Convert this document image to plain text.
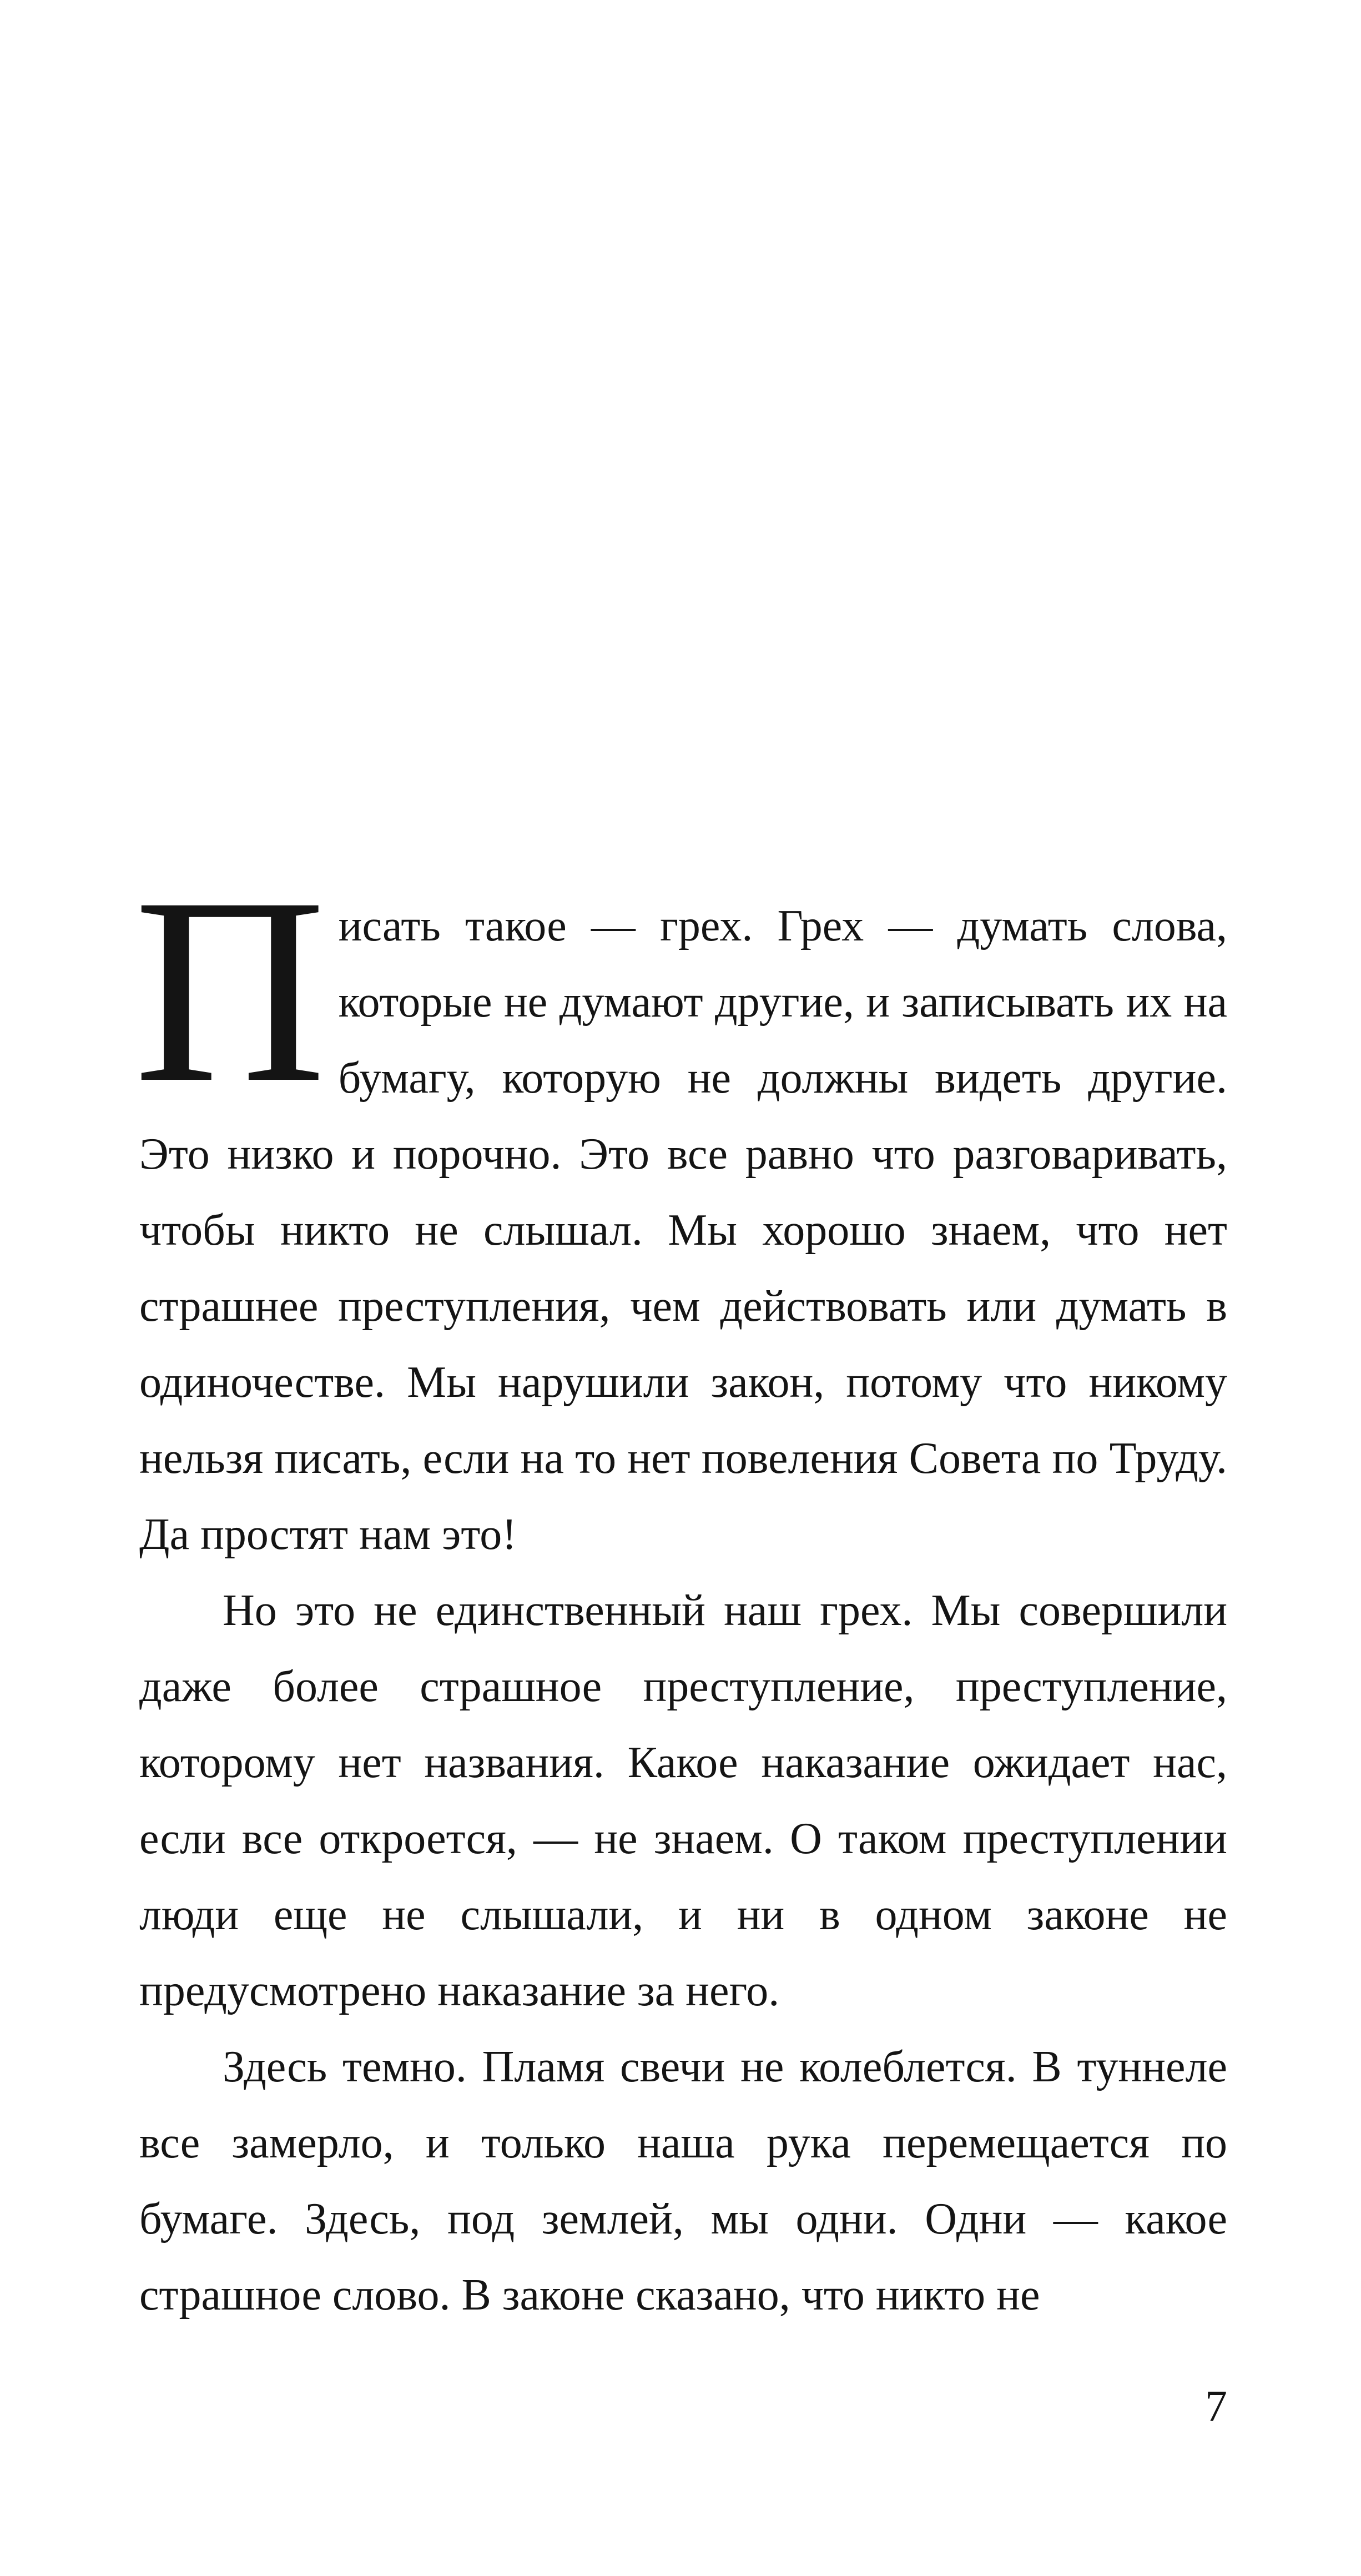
Писать такое — грех. Грех — думать слова, которые не думают другие, и записывать их на бумагу, которую не должны видеть другие. Это низко и порочно. Это все равно что разговаривать, чтобы никто не слышал. Мы хорошо знаем, что нет страшнее преступления, чем действовать или думать в одиночестве. Мы нарушили закон, потому что никому нельзя писать, если на то нет повеления Совета по Труду. Да простят нам это!

Но это не единственный наш грех. Мы совершили даже более страшное преступление, преступление, которому нет названия. Какое наказание ожидает нас, если все откроется, — не знаем. О таком преступлении люди еще не слышали, и ни в одном законе не предусмотрено наказание за него.

Здесь темно. Пламя свечи не колеблется. В туннеле все замерло, и только наша рука перемещается по бумаге. Здесь, под землей, мы одни. Одни — какое страшное слово. В законе сказано, что никто не

7
